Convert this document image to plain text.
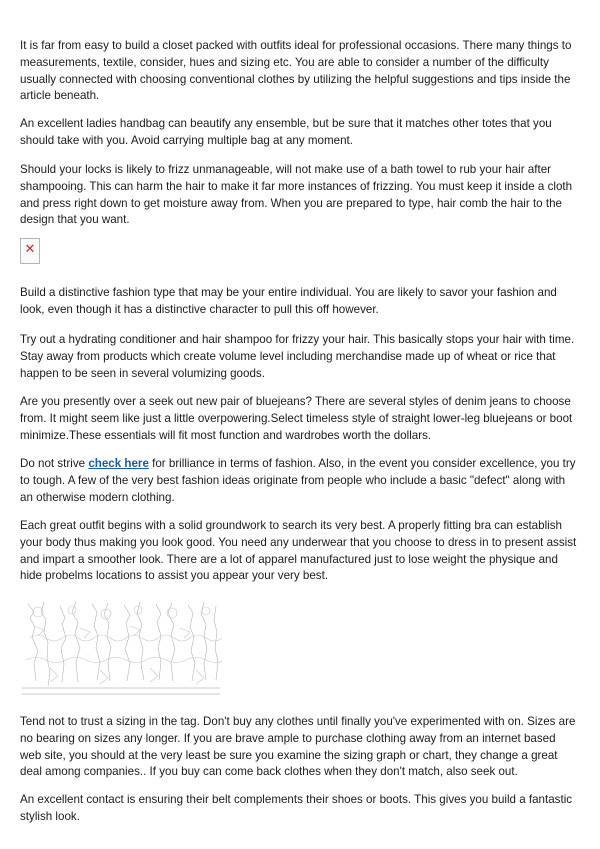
It is far from easy to build a closet packed with outfits ideal for professional occasions. There many things to measurements, textile, consider, hues and sizing etc. You are able to consider a number of the difficulty usually connected with choosing conventional clothes by utilizing the helpful suggestions and tips inside the article beneath.

An excellent ladies handbag can beautify any ensemble, but be sure that it matches other totes that you should take with you. Avoid carrying multiple bag at any moment.

Should your locks is likely to frizz unmanageable, will not make use of a bath towel to rub your hair after shampooing. This can harm the hair to make it far more instances of frizzing. You must keep it inside a cloth and press right down to get moisture away from. When you are prepared to type, hair comb the hair to the design that you want.

✕

Build a distinctive fashion type that may be your entire individual. You are likely to savor your fashion and look, even though it has a distinctive character to pull this off however.

Try out a hydrating conditioner and hair shampoo for frizzy your hair. This basically stops your hair with time. Stay away from products which create volume level including merchandise made up of wheat or rice that happen to be seen in several volumizing goods.

Are you presently over a seek out new pair of bluejeans? There are several styles of denim jeans to choose from. It might seem like just a little overpowering.Select timeless style of straight lower-leg bluejeans or boot minimize.These essentials will fit most function and wardrobes worth the dollars.

Do not strive check here for brilliance in terms of fashion. Also, in the event you consider excellence, you try to tough. A few of the very best fashion ideas originate from people who include a basic "defect" along with an otherwise modern clothing.

Each great outfit begins with a solid groundwork to search its very best. A properly fitting bra can establish your body thus making you look good. You need any underwear that you choose to dress in to present assist and impart a smoother look. There are a lot of apparel manufactured just to lose weight the physique and hide probelms locations to assist you appear your very best.

Tend not to trust a sizing in the tag. Don't buy any clothes until finally you've experimented with on. Sizes are no bearing on sizes any longer. If you are brave ample to purchase clothing away from an internet based web site, you should at the very least be sure you examine the sizing graph or chart, they change a great deal among companies.. If you buy can come back clothes when they don't match, also seek out.

An excellent contact is ensuring their belt complements their shoes or boots. This gives you build a fantastic stylish look.
